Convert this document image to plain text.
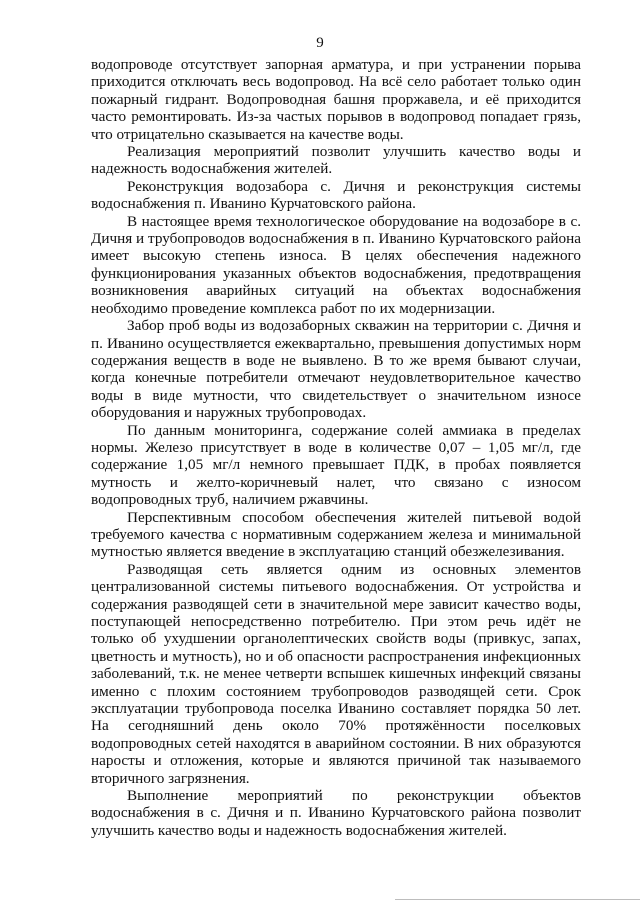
9

водопроводе отсутствует запорная арматура, и при устранении порыва приходится отключать весь водопровод. На всё село работает только один пожарный гидрант. Водопроводная башня проржавела, и её приходится часто ремонтировать. Из-за частых порывов в водопровод попадает грязь, что отрицательно сказывается на качестве воды.

Реализация мероприятий позволит улучшить качество воды и надежность водоснабжения жителей.

Реконструкция водозабора с. Дичня и реконструкция системы водоснабжения п. Иванино Курчатовского района.

В настоящее время технологическое оборудование на водозаборе в с. Дичня и трубопроводов водоснабжения в п. Иванино Курчатовского района имеет высокую степень износа. В целях обеспечения надежного функционирования указанных объектов водоснабжения, предотвращения возникновения аварийных ситуаций на объектах водоснабжения необходимо проведение комплекса работ по их модернизации.

Забор проб воды из водозаборных скважин на территории с. Дичня и п. Иванино осуществляется ежеквартально, превышения допустимых норм содержания веществ в воде не выявлено. В то же время бывают случаи, когда конечные потребители отмечают неудовлетворительное качество воды в виде мутности, что свидетельствует о значительном износе оборудования и наружных трубопроводах.

По данным мониторинга, содержание солей аммиака в пределах нормы. Железо присутствует в воде в количестве 0,07 – 1,05 мг/л, где содержание 1,05 мг/л немного превышает ПДК, в пробах появляется мутность и желто-коричневый налет, что связано с износом водопроводных труб, наличием ржавчины.

Перспективным способом обеспечения жителей питьевой водой требуемого качества с нормативным содержанием железа и минимальной мутностью является введение в эксплуатацию станций обезжелезивания.

Разводящая сеть является одним из основных элементов централизованной системы питьевого водоснабжения. От устройства и содержания разводящей сети в значительной мере зависит качество воды, поступающей непосредственно потребителю. При этом речь идёт не только об ухудшении органолептических свойств воды (привкус, запах, цветность и мутность), но и об опасности распространения инфекционных заболеваний, т.к. не менее четверти вспышек кишечных инфекций связаны именно с плохим состоянием трубопроводов разводящей сети. Срок эксплуатации трубопровода поселка Иванино составляет порядка 50 лет. На сегодняшний день около 70% протяжённости поселковых водопроводных сетей находятся в аварийном состоянии. В них образуются наросты и отложения, которые и являются причиной так называемого вторичного загрязнения.

Выполнение мероприятий по реконструкции объектов водоснабжения в с. Дичня и п. Иванино Курчатовского района позволит улучшить качество воды и надежность водоснабжения жителей.
